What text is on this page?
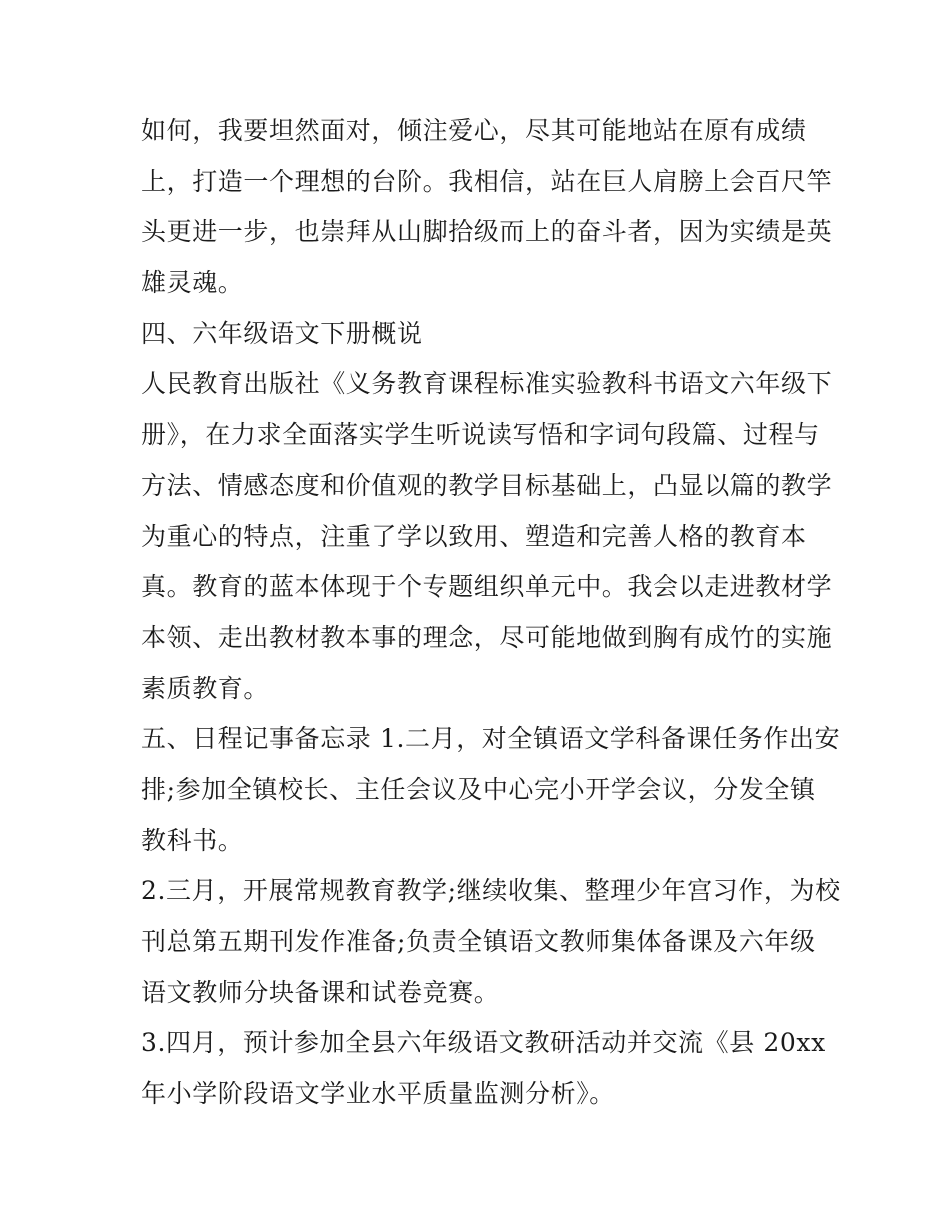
如何，我要坦然面对，倾注爱心，尽其可能地站在原有成绩
上，打造一个理想的台阶。我相信，站在巨人肩膀上会百尺竿
头更进一步，也崇拜从山脚拾级而上的奋斗者，因为实绩是英
雄灵魂。

四、六年级语文下册概说

人民教育出版社《义务教育课程标准实验教科书语文六年级下
册》，在力求全面落实学生听说读写悟和字词句段篇、过程与
方法、情感态度和价值观的教学目标基础上，凸显以篇的教学
为重心的特点，注重了学以致用、塑造和完善人格的教育本
真。教育的蓝本体现于个专题组织单元中。我会以走进教材学
本领、走出教材教本事的理念，尽可能地做到胸有成竹的实施
素质教育。

五、日程记事备忘录 1.二月，对全镇语文学科备课任务作出安
排;参加全镇校长、主任会议及中心完小开学会议，分发全镇
教科书。

2.三月，开展常规教育教学;继续收集、整理少年宫习作，为校
刊总第五期刊发作准备;负责全镇语文教师集体备课及六年级
语文教师分块备课和试卷竞赛。

3.四月，预计参加全县六年级语文教研活动并交流《县 20xx
年小学阶段语文学业水平质量监测分析》。
